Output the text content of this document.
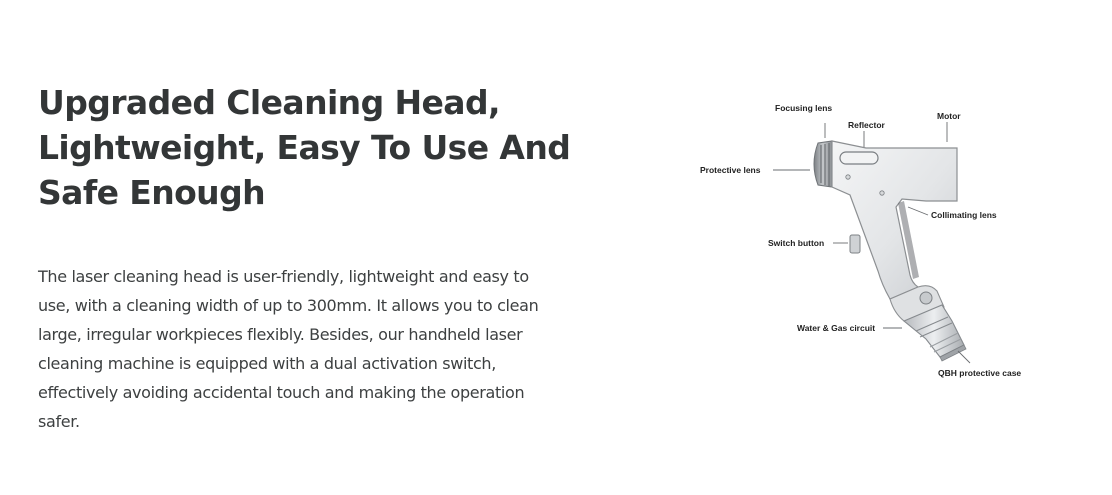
Upgraded Cleaning Head,
Lightweight, Easy To Use And
Safe Enough

The laser cleaning head is user-friendly, lightweight and easy to
use, with a cleaning width of up to 300mm. It allows you to clean
large, irregular workpieces flexibly. Besides, our handheld laser
cleaning machine is equipped with a dual activation switch,
effectively avoiding accidental touch and making the operation
safer.

Focusing lens
Reflector
Motor
Protective lens
Collimating lens
Switch button
Water & Gas circuit
QBH protective case
